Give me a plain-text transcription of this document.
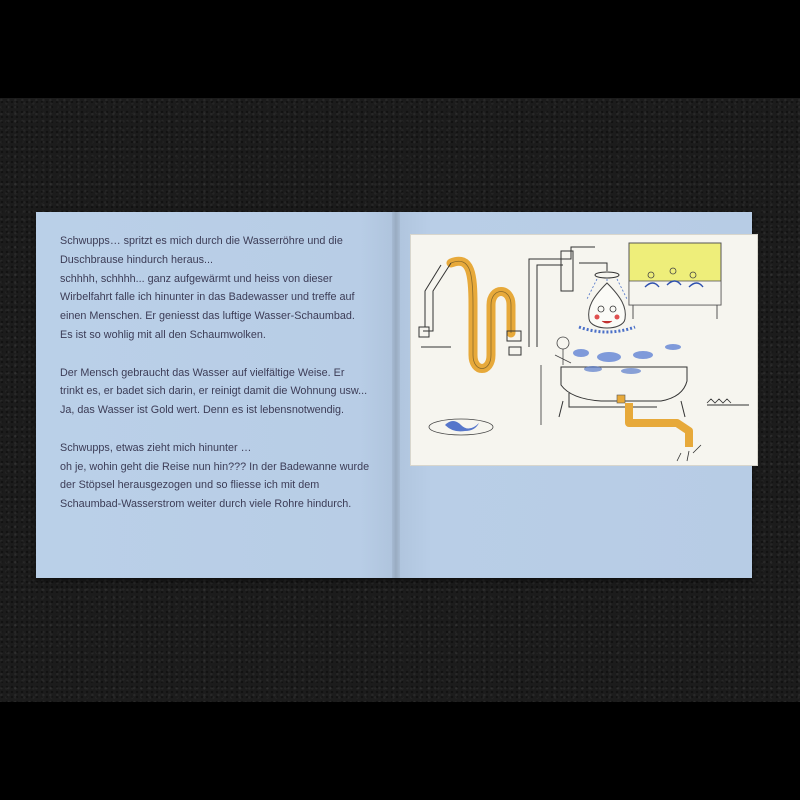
Schwupps… spritzt es mich durch die Wasserröhre und die
Duschbrause hindurch heraus...
schhhh, schhhh... ganz aufgewärmt und heiss von dieser
Wirbelfahrt falle ich hinunter in das Badewasser und treffe auf
einen Menschen. Er geniesst das luftige Wasser-Schaumbad.
Es ist so wohlig mit all den Schaumwolken.

Der Mensch gebraucht das Wasser auf vielfältige Weise. Er
trinkt es, er badet sich darin, er reinigt damit die Wohnung usw...
Ja, das Wasser ist Gold wert. Denn es ist lebensnotwendig.

Schwupps, etwas zieht mich hinunter …
oh je, wohin geht die Reise nun hin??? In der Badewanne wurde
der Stöpsel herausgezogen und so fliesse ich mit dem
Schaumbad-Wasserstrom weiter durch viele Rohre hindurch.
